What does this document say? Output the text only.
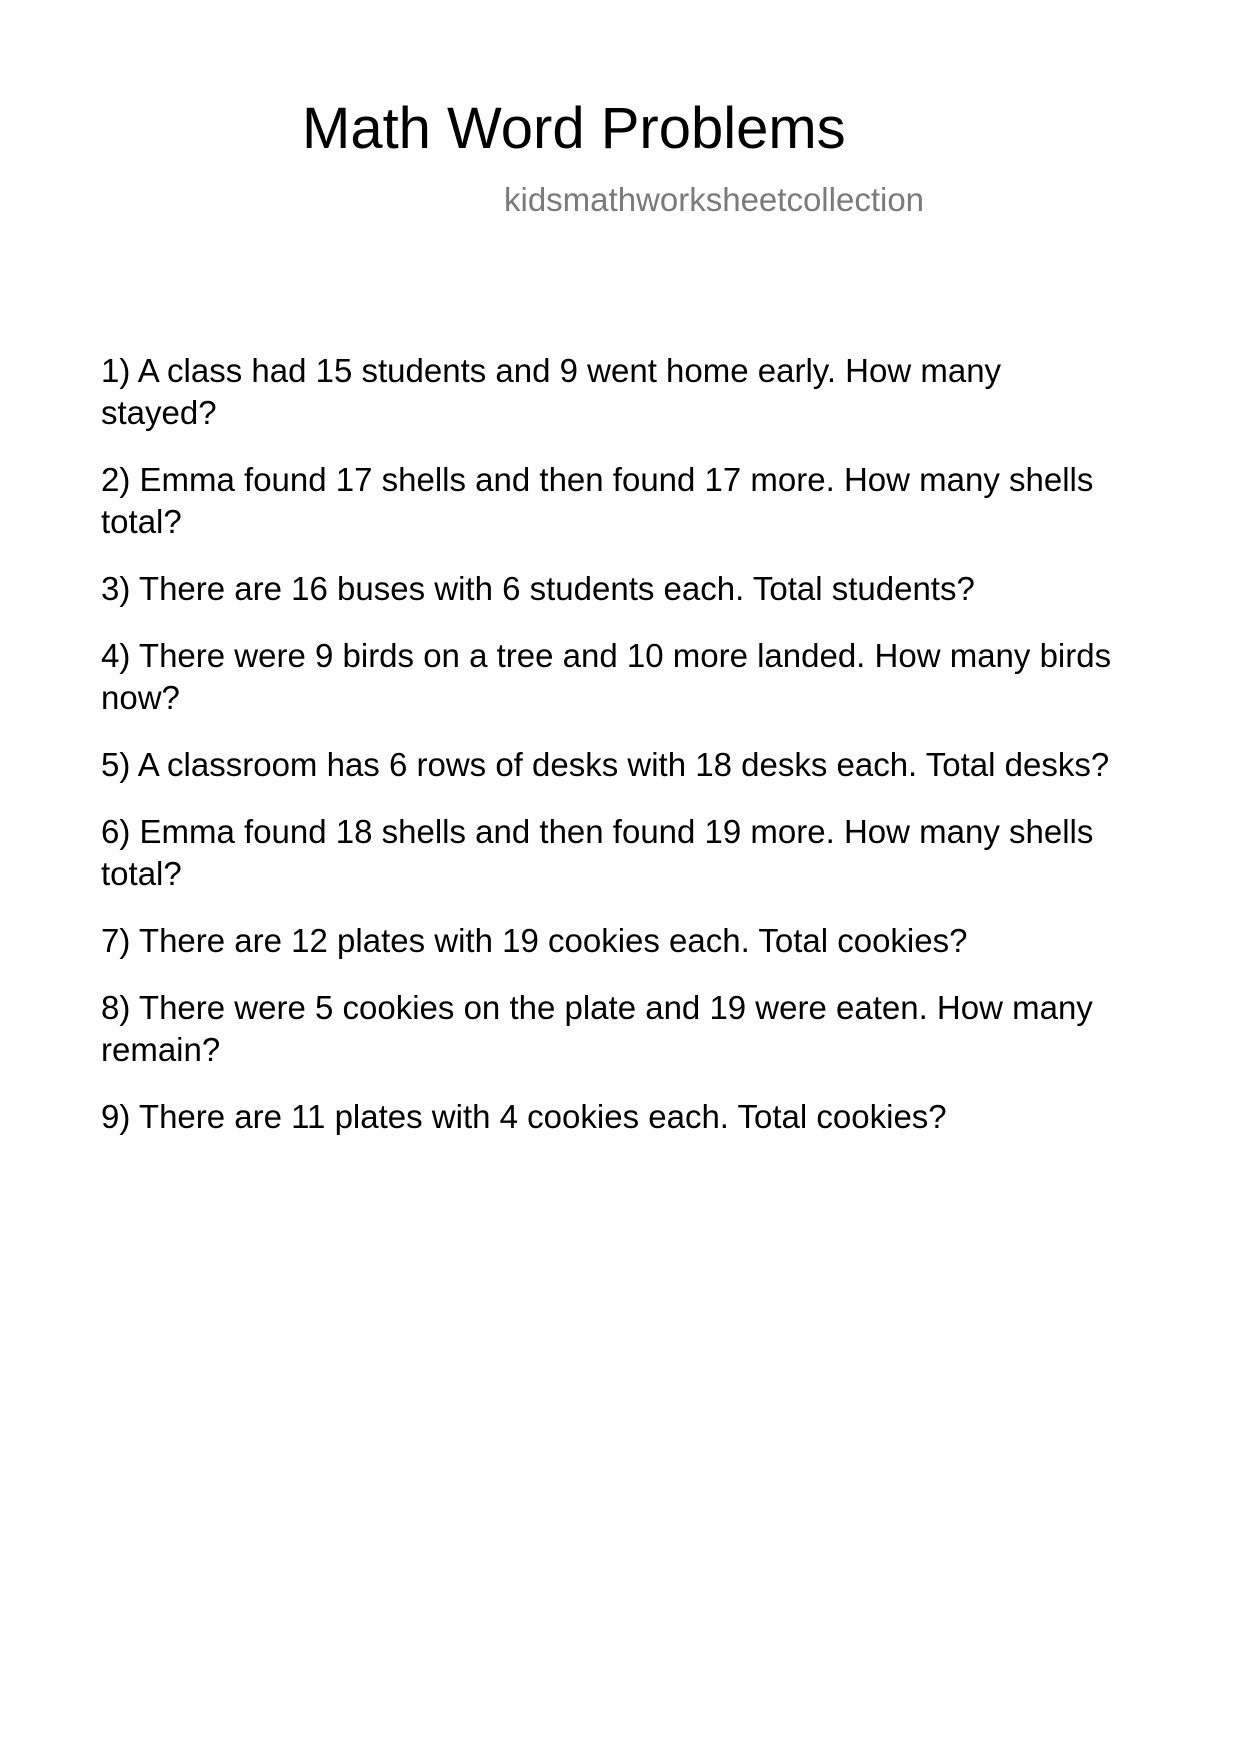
Math Word Problems

kidsmathworksheetcollection

1) A class had 15 students and 9 went home early. How many stayed?
2) Emma found 17 shells and then found 17 more. How many shells total?
3) There are 16 buses with 6 students each. Total students?
4) There were 9 birds on a tree and 10 more landed. How many birds now?
5) A classroom has 6 rows of desks with 18 desks each. Total desks?
6) Emma found 18 shells and then found 19 more. How many shells total?
7) There are 12 plates with 19 cookies each. Total cookies?
8) There were 5 cookies on the plate and 19 were eaten. How many remain?
9) There are 11 plates with 4 cookies each. Total cookies?
